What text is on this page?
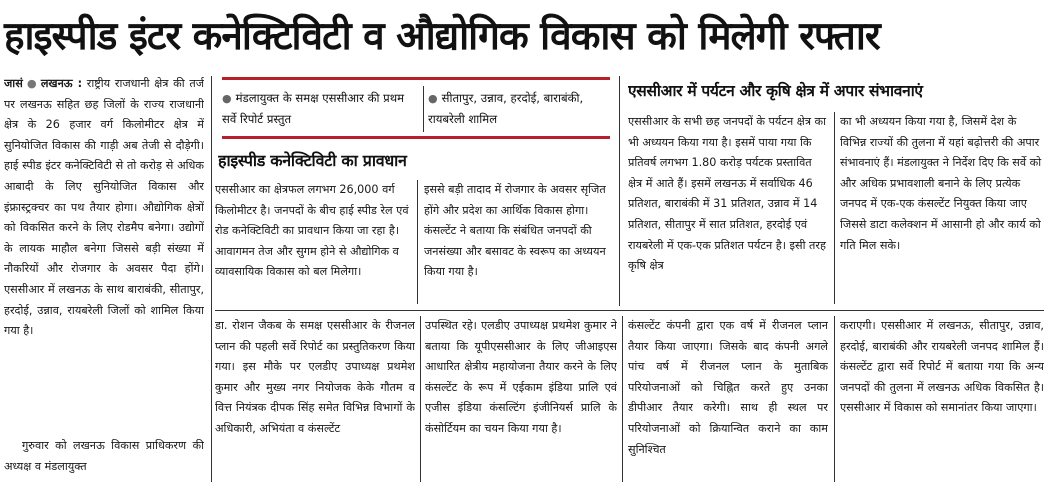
हाइस्पीड इंटर कनेक्टिविटी व औद्योगिक विकास को मिलेगी रफ्तार
जासं ● लखनऊ : राष्ट्रीय राजधानी क्षेत्र की तर्ज पर लखनऊ सहित छह जिलों के राज्य राजधानी क्षेत्र के 26 हजार वर्ग किलोमीटर क्षेत्र में सुनियोजित विकास की गाड़ी अब तेजी से दौड़ेगी। हाई स्पीड इंटर कनेक्टिविटी से तो करोड़ से अधिक आबादी के लिए सुनियोजित विकास और इंफ्रास्ट्रक्चर का पथ तैयार होगा। औद्योगिक क्षेत्रों को विकसित करने के लिए रोडमैप बनेगा। उद्योगों के लायक माहौल बनेगा जिससे बड़ी संख्या में नौकरियों और रोजगार के अवसर पैदा होंगे। एससीआर में लखनऊ के साथ बाराबंकी, सीतापुर, हरदोई, उन्नाव, रायबरेली जिलों को शामिल किया गया है।
गुरुवार को लखनऊ विकास प्राधिकरण की अध्यक्ष व मंडलायुक्त
● मंडलायुक्त के समक्ष एससीआर की प्रथम सर्वे रिपोर्ट प्रस्तुत
● सीतापुर, उन्नाव, हरदोई, बाराबंकी, रायबरेली शामिल
हाइस्पीड कनेक्टिविटी का प्रावधान
एससीआर का क्षेत्रफल लगभग 26,000 वर्ग किलोमीटर है। जनपदों के बीच हाई स्पीड रेल एवं रोड कनेक्टिविटी का प्रावधान किया जा रहा है। आवागमन तेज और सुगम होने से औद्योगिक व व्यावसायिक विकास को बल मिलेगा।
इससे बड़ी तादाद में रोजगार के अवसर सृजित होंगे और प्रदेश का आर्थिक विकास होगा। कंसल्टेंट ने बताया कि संबंधित जनपदों की जनसंख्या और बसावट के स्वरूप का अध्ययन किया गया है।
एससीआर में पर्यटन और कृषि क्षेत्र में अपार संभावनाएं
एससीआर के सभी छह जनपदों के पर्यटन क्षेत्र का भी अध्ययन किया गया है। इसमें पाया गया कि प्रतिवर्ष लगभग 1.80 करोड़ पर्यटक प्रस्तावित क्षेत्र में आते हैं। इसमें लखनऊ में सर्वाधिक 46 प्रतिशत, बाराबंकी में 31 प्रतिशत, उन्नाव में 14 प्रतिशत, सीतापुर में सात प्रतिशत, हरदोई एवं रायबरेली में एक-एक प्रतिशत पर्यटन है। इसी तरह कृषि क्षेत्र
का भी अध्ययन किया गया है, जिसमें देश के विभिन्न राज्यों की तुलना में यहां बढ़ोत्तरी की अपार संभावनाएं हैं। मंडलायुक्त ने निर्देश दिए कि सर्वे को और अधिक प्रभावशाली बनाने के लिए प्रत्येक जनपद में एक-एक कंसल्टेंट नियुक्त किया जाए जिससे डाटा कलेक्शन में आसानी हो और कार्य को गति मिल सके।
डा. रोशन जैकब के समक्ष एससीआर के रीजनल प्लान की पहली सर्वे रिपोर्ट का प्रस्तुतिकरण किया गया। इस मौके पर एलडीए उपाध्यक्ष प्रथमेश कुमार और मुख्य नगर नियोजक केके गौतम व वित्त नियंत्रक दीपक सिंह समेत विभिन्न विभागों के अधिकारी, अभियंता व कंसल्टेंट
उपस्थित रहे। एलडीए उपाध्यक्ष प्रथमेश कुमार ने बताया कि यूपीएससीआर के लिए जीआइएस आधारित क्षेत्रीय महायोजना तैयार करने के लिए कंसल्टेंट के रूप में एईकाम इंडिया प्रालि एवं एजीस इंडिया कंसल्टिंग इंजीनियर्स प्रालि के कंसोर्टियम का चयन किया गया है।
कंसल्टेंट कंपनी द्वारा एक वर्ष में रीजनल प्लान तैयार किया जाएगा। जिसके बाद कंपनी अगले पांच वर्ष में रीजनल प्लान के मुताबिक परियोजनाओं को चिह्नित करते हुए उनका डीपीआर तैयार करेगी। साथ ही स्थल पर परियोजनाओं को क्रियान्वित कराने का काम सुनिश्चित
कराएगी। एससीआर में लखनऊ, सीतापुर, उन्नाव, हरदोई, बाराबंकी और रायबरेली जनपद शामिल हैं। कंसल्टेंट द्वारा सर्वे रिपोर्ट में बताया गया कि अन्य जनपदों की तुलना में लखनऊ अधिक विकसित है। एससीआर में विकास को समानांतर किया जाएगा।
